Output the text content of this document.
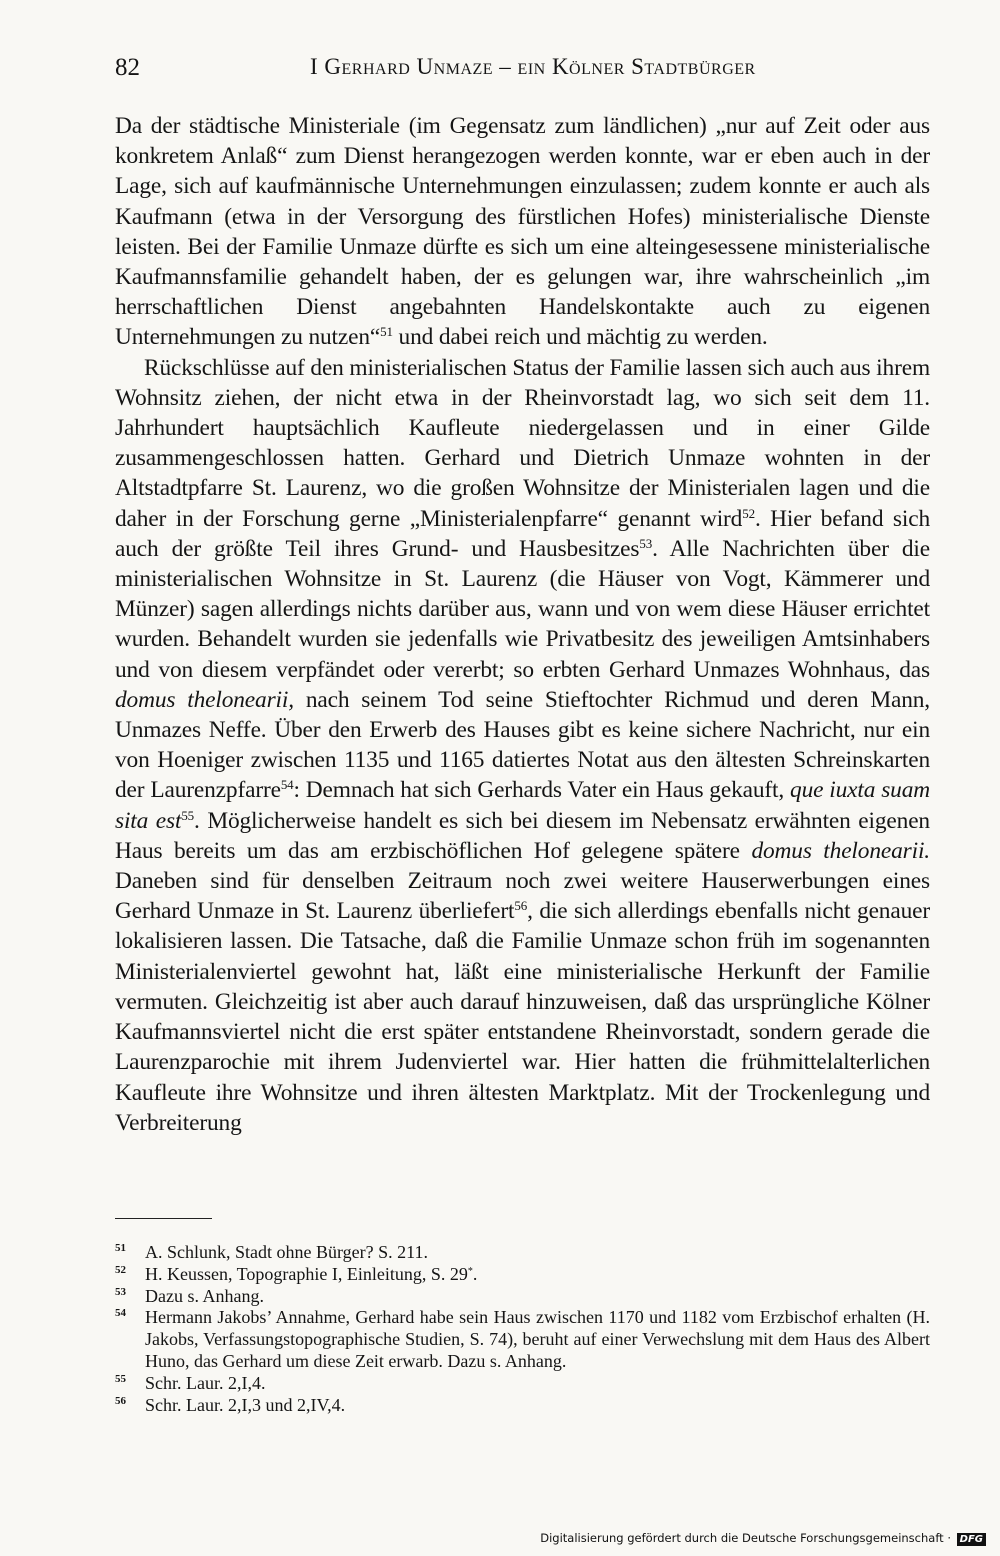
82	I Gerhard Unmaze – ein Kölner Stadtbürger

Da der städtische Ministeriale (im Gegensatz zum ländlichen) „nur auf Zeit oder aus konkretem Anlaß“ zum Dienst herangezogen werden konnte, war er eben auch in der Lage, sich auf kaufmännische Unternehmungen einzulassen; zudem konnte er auch als Kaufmann (etwa in der Versorgung des fürstlichen Hofes) ministerialische Dienste leisten. Bei der Familie Unmaze dürfte es sich um eine alteingesessene ministerialische Kaufmannsfamilie gehandelt haben, der es gelungen war, ihre wahrscheinlich „im herrschaftlichen Dienst angebahnten Handelskontakte auch zu eigenen Unternehmungen zu nutzen“$^{51}$ und dabei reich und mächtig zu werden.

Rückschlüsse auf den ministerialischen Status der Familie lassen sich auch aus ihrem Wohnsitz ziehen, der nicht etwa in der Rheinvorstadt lag, wo sich seit dem 11. Jahrhundert hauptsächlich Kaufleute niedergelassen und in einer Gilde zusammengeschlossen hatten. Gerhard und Dietrich Unmaze wohnten in der Altstadtpfarre St. Laurenz, wo die großen Wohnsitze der Ministerialen lagen und die daher in der Forschung gerne „Ministerialenpfarre“ genannt wird$^{52}$. Hier befand sich auch der größte Teil ihres Grund- und Hausbesitzes$^{53}$. Alle Nachrichten über die ministerialischen Wohnsitze in St. Laurenz (die Häuser von Vogt, Kämmerer und Münzer) sagen allerdings nichts darüber aus, wann und von wem diese Häuser errichtet wurden. Behandelt wurden sie jedenfalls wie Privatbesitz des jeweiligen Amtsinhabers und von diesem verpfändet oder vererbt; so erbten Gerhard Unmazes Wohnhaus, das domus thelonearii, nach seinem Tod seine Stieftochter Richmud und deren Mann, Unmazes Neffe. Über den Erwerb des Hauses gibt es keine sichere Nachricht, nur ein von Hoeniger zwischen 1135 und 1165 datiertes Notat aus den ältesten Schreinskarten der Laurenzpfarre$^{54}$: Demnach hat sich Gerhards Vater ein Haus gekauft, que iuxta suam sita est$^{55}$. Möglicherweise handelt es sich bei diesem im Nebensatz erwähnten eigenen Haus bereits um das am erzbischöflichen Hof gelegene spätere domus thelonearii. Daneben sind für denselben Zeitraum noch zwei weitere Hauserwerbungen eines Gerhard Unmaze in St. Laurenz überliefert$^{56}$, die sich allerdings ebenfalls nicht genauer lokalisieren lassen. Die Tatsache, daß die Familie Unmaze schon früh im sogenannten Ministerialenviertel gewohnt hat, läßt eine ministerialische Herkunft der Familie vermuten. Gleichzeitig ist aber auch darauf hinzuweisen, daß das ursprüngliche Kölner Kaufmannsviertel nicht die erst später entstandene Rheinvorstadt, sondern gerade die Laurenzparochie mit ihrem Judenviertel war. Hier hatten die frühmittelalterlichen Kaufleute ihre Wohnsitze und ihren ältesten Marktplatz. Mit der Trockenlegung und Verbreiterung

51 A. Schlunk, Stadt ohne Bürger? S. 211.
52 H. Keussen, Topographie I, Einleitung, S. 29*.
53 Dazu s. Anhang.
54 Hermann Jakobs’ Annahme, Gerhard habe sein Haus zwischen 1170 und 1182 vom Erzbischof erhalten (H. Jakobs, Verfassungstopographische Studien, S. 74), beruht auf einer Verwechslung mit dem Haus des Albert Huno, das Gerhard um diese Zeit erwarb. Dazu s. Anhang.
55 Schr. Laur. 2,I,4.
56 Schr. Laur. 2,I,3 und 2,IV,4.
Digitalisierung gefördert durch die Deutsche Forschungsgemeinschaft · DFG
